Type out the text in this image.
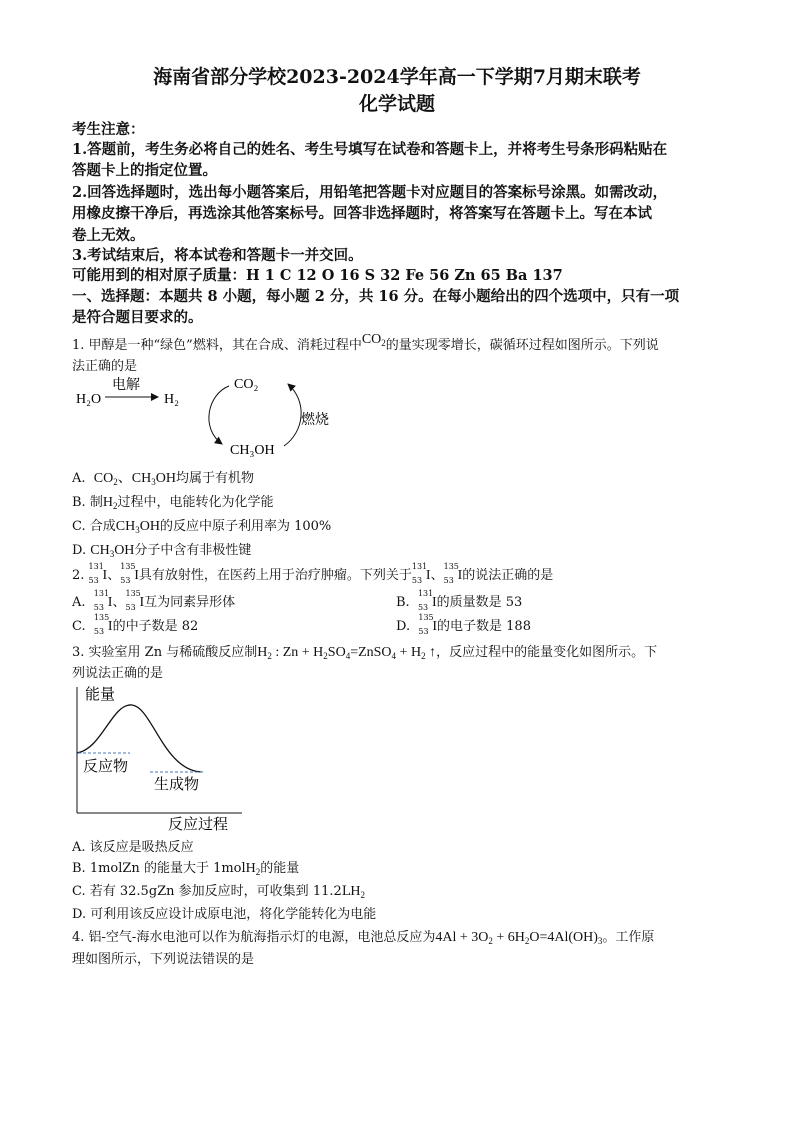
海南省部分学校2023-2024学年高一下学期7月期末联考
化学试题
考生注意：
1.答题前，考生务必将自己的姓名、考生号填写在试卷和答题卡上，并将考生号条形码粘贴在
答题卡上的指定位置。
2.回答选择题时，选出每小题答案后，用铅笔把答题卡对应题目的答案标号涂黑。如需改动，
用橡皮擦干净后，再选涂其他答案标号。回答非选择题时，将答案写在答题卡上。写在本试
卷上无效。
3.考试结束后，将本试卷和答题卡一并交回。
可能用到的相对原子质量：H 1 C 12 O 16 S 32 Fe 56 Zn 65 Ba 137
一、选择题：本题共 8 小题，每小题 2 分，共 16 分。在每小题给出的四个选项中，只有一项
是符合题目要求的。
1. 甲醇是一种“绿色”燃料，其在合成、消耗过程中$CO_2$的量实现零增长，碳循环过程如图所示。下列说
法正确的是
H₂O
电解
H₂
CO₂
燃烧
CH₃OH
A.  $CO_2$、$CH_3OH$均属于有机物
B. 制$H_2$过程中，电能转化为化学能
C. 合成$CH_3OH$的反应中原子利用率为 100%
D. $CH_3OH$分子中含有非极性键
2.
131
53 I、
135
53 I具有放射性，在医药上用于治疗肿瘤。下列关于
131
53 I、
135
53 I的说法正确的是
A.
131
53 I、
135
53 I互为同素异形体	B.
131
53 I的质量数是 53
C.
135
53 I的中子数是 82	D.
135
53 I的电子数是 188
3. 实验室用 Zn 与稀硫酸反应制$H_2$ : $Zn + H_2SO_4=ZnSO_4 + H_2$ ↑，反应过程中的能量变化如图所示。下
列说法正确的是
能量
反应过程
反应物
生成物
A. 该反应是吸热反应
B. 1molZn 的能量大于 1molH$_2$的能量
C. 若有 32.5gZn 参加反应时，可收集到 $11.2LH_2$
D. 可利用该反应设计成原电池，将化学能转化为电能
4. 铝-空气-海水电池可以作为航海指示灯的电源，电池总反应为$4Al + 3O_2 + 6H_2O=4Al(OH)_3$。工作原
理如图所示，下列说法错误的是
